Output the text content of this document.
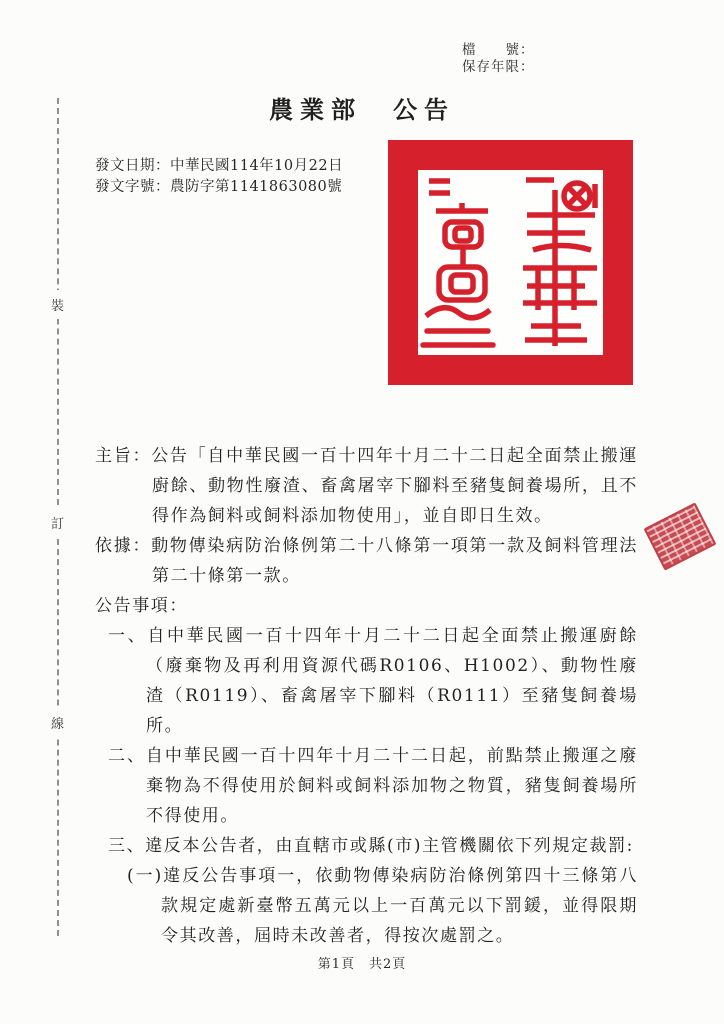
檔　　號：
保存年限：
農業部　公告
發文日期：中華民國114年10月22日
發文字號：農防字第1141863080號
裝
訂
線
主旨：公告「自中華民國一百十四年十月二十二日起全面禁止搬運廚餘、動物性廢渣、畜禽屠宰下腳料至豬隻飼養場所，且不得作為飼料或飼料添加物使用」，並自即日生效。
依據：動物傳染病防治條例第二十八條第一項第一款及飼料管理法第二十條第一款。
公告事項：
一、自中華民國一百十四年十月二十二日起全面禁止搬運廚餘（廢棄物及再利用資源代碼R0106、H1002）、動物性廢渣（R0119）、畜禽屠宰下腳料（R0111）至豬隻飼養場所。
二、自中華民國一百十四年十月二十二日起，前點禁止搬運之廢棄物為不得使用於飼料或飼料添加物之物質，豬隻飼養場所不得使用。
三、違反本公告者，由直轄市或縣(市)主管機關依下列規定裁罰:
(一)違反公告事項一，依動物傳染病防治條例第四十三條第八款規定處新臺幣五萬元以上一百萬元以下罰鍰，並得限期令其改善，屆時未改善者，得按次處罰之。
第1頁　共2頁
